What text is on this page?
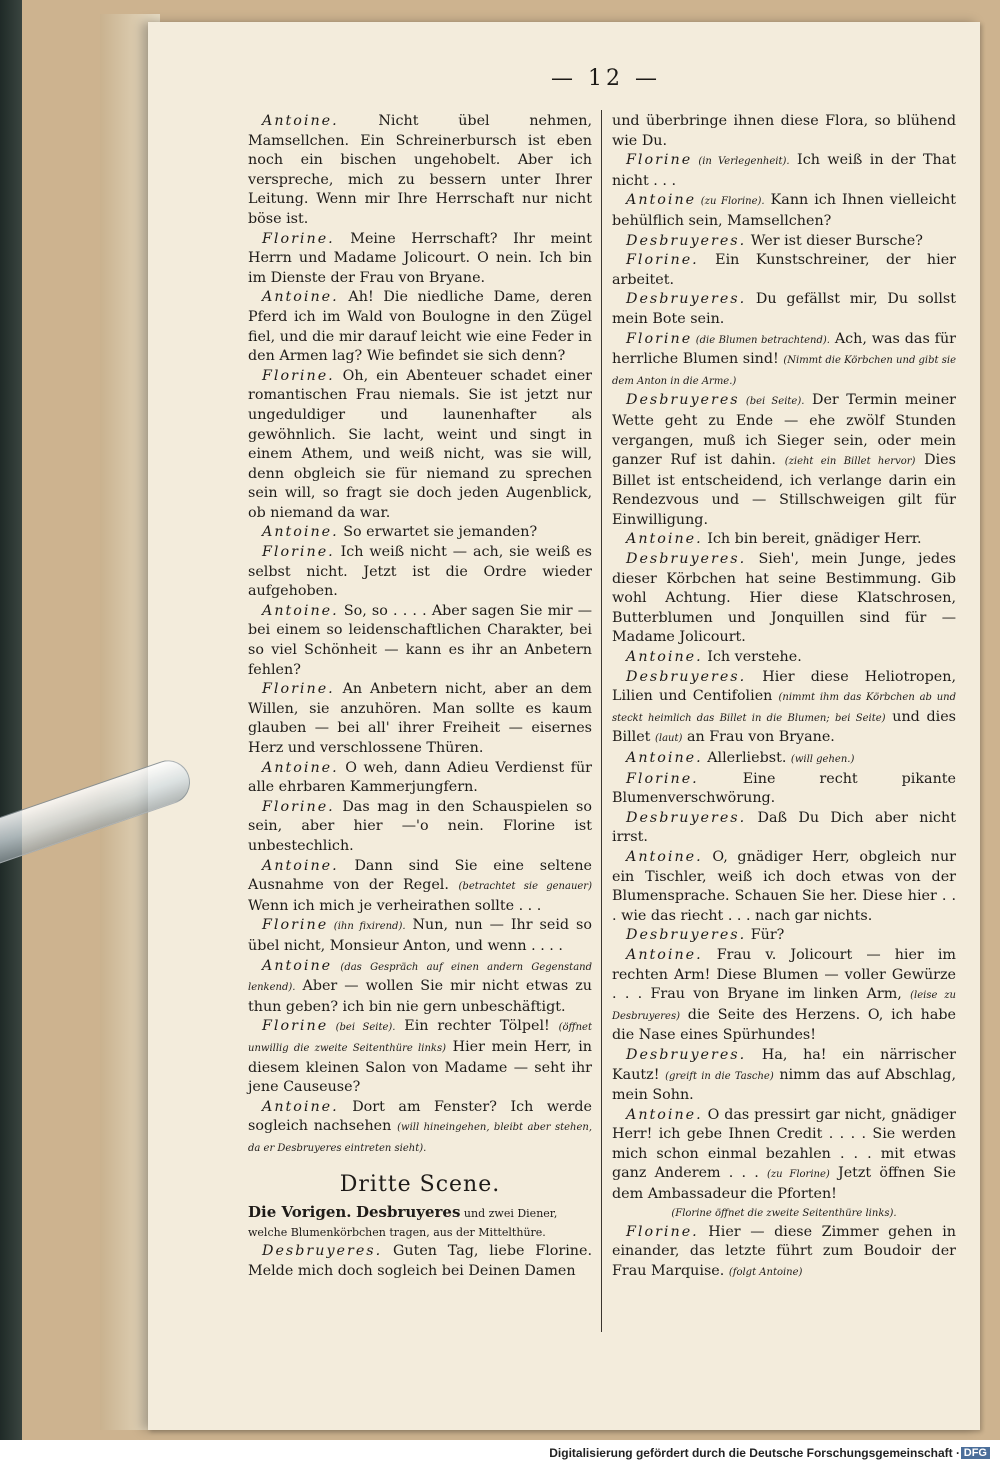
— 12 —

Antoine. Nicht übel nehmen, Mamsellchen. Ein Schreinerbursch ist eben noch ein bischen ungehobelt. Aber ich verspreche, mich zu bessern unter Ihrer Leitung. Wenn mir Ihre Herrschaft nur nicht böse ist.

Florine. Meine Herrschaft? Ihr meint Herrn und Madame Jolicourt. O nein. Ich bin im Dienste der Frau von Bryane.

Antoine. Ah! Die niedliche Dame, deren Pferd ich im Wald von Boulogne in den Zügel fiel, und die mir darauf leicht wie eine Feder in den Armen lag? Wie befindet sie sich denn?

Florine. Oh, ein Abenteuer schadet einer romantischen Frau niemals. Sie ist jetzt nur ungeduldiger und launenhafter als gewöhnlich. Sie lacht, weint und singt in einem Athem, und weiß nicht, was sie will, denn obgleich sie für niemand zu sprechen sein will, so fragt sie doch jeden Augenblick, ob niemand da war.

Antoine. So erwartet sie jemanden?

Florine. Ich weiß nicht — ach, sie weiß es selbst nicht. Jetzt ist die Ordre wieder aufgehoben.

Antoine. So, so . . . . Aber sagen Sie mir — bei einem so leidenschaftlichen Charakter, bei so viel Schönheit — kann es ihr an Anbetern fehlen?

Florine. An Anbetern nicht, aber an dem Willen, sie anzuhören. Man sollte es kaum glauben — bei all' ihrer Freiheit — eisernes Herz und verschlossene Thüren.

Antoine. O weh, dann Adieu Verdienst für alle ehrbaren Kammerjungfern.

Florine. Das mag in den Schauspielen so sein, aber hier —'o nein. Florine ist unbestechlich.

Antoine. Dann sind Sie eine seltene Ausnahme von der Regel. (betrachtet sie genauer) Wenn ich mich je verheirathen sollte . . .

Florine (ihn fixirend). Nun, nun — Ihr seid so übel nicht, Monsieur Anton, und wenn . . . .

Antoine (das Gespräch auf einen andern Gegenstand lenkend). Aber — wollen Sie mir nicht etwas zu thun geben? ich bin nie gern unbeschäftigt.

Florine (bei Seite). Ein rechter Tölpel! (öffnet unwillig die zweite Seitenthüre links) Hier mein Herr, in diesem kleinen Salon von Madame — seht ihr jene Causeuse?

Antoine. Dort am Fenster? Ich werde sogleich nachsehen (will hineingehen, bleibt aber stehen, da er Desbruyeres eintreten sieht).

Dritte Scene.

Die Vorigen. Desbruyeres und zwei Diener, welche Blumenkörbchen tragen, aus der Mittelthüre.

Desbruyeres. Guten Tag, liebe Florine. Melde mich doch sogleich bei Deinen Damen

und überbringe ihnen diese Flora, so blühend wie Du.

Florine (in Verlegenheit). Ich weiß in der That nicht . . .

Antoine (zu Florine). Kann ich Ihnen vielleicht behülflich sein, Mamsellchen?

Desbruyeres. Wer ist dieser Bursche?

Florine. Ein Kunstschreiner, der hier arbeitet.

Desbruyeres. Du gefällst mir, Du sollst mein Bote sein.

Florine (die Blumen betrachtend). Ach, was das für herrliche Blumen sind! (Nimmt die Körbchen und gibt sie dem Anton in die Arme.)

Desbruyeres (bei Seite). Der Termin meiner Wette geht zu Ende — ehe zwölf Stunden vergangen, muß ich Sieger sein, oder mein ganzer Ruf ist dahin. (zieht ein Billet hervor) Dies Billet ist entscheidend, ich verlange darin ein Rendezvous und — Stillschweigen gilt für Einwilligung.

Antoine. Ich bin bereit, gnädiger Herr.

Desbruyeres. Sieh', mein Junge, jedes dieser Körbchen hat seine Bestimmung. Gib wohl Achtung. Hier diese Klatschrosen, Butterblumen und Jonquillen sind für — Madame Jolicourt.

Antoine. Ich verstehe.

Desbruyeres. Hier diese Heliotropen, Lilien und Centifolien (nimmt ihm das Körbchen ab und steckt heimlich das Billet in die Blumen; bei Seite) und dies Billet (laut) an Frau von Bryane.

Antoine. Allerliebst. (will gehen.)

Florine. Eine recht pikante Blumenverschwörung.

Desbruyeres. Daß Du Dich aber nicht irrst.

Antoine. O, gnädiger Herr, obgleich nur ein Tischler, weiß ich doch etwas von der Blumensprache. Schauen Sie her. Diese hier . . . wie das riecht . . . nach gar nichts.

Desbruyeres. Für?

Antoine. Frau v. Jolicourt — hier im rechten Arm! Diese Blumen — voller Gewürze . . . Frau von Bryane im linken Arm, (leise zu Desbruyeres) die Seite des Herzens. O, ich habe die Nase eines Spürhundes!

Desbruyeres. Ha, ha! ein närrischer Kautz! (greift in die Tasche) nimm das auf Abschlag, mein Sohn.

Antoine. O das pressirt gar nicht, gnädiger Herr! ich gebe Ihnen Credit . . . . Sie werden mich schon einmal bezahlen . . . mit etwas ganz Anderem . . . (zu Florine) Jetzt öffnen Sie dem Ambassadeur die Pforten!

(Florine öffnet die zweite Seitenthüre links).

Florine. Hier — diese Zimmer gehen in einander, das letzte führt zum Boudoir der Frau Marquise. (folgt Antoine)

Digitalisierung gefördert durch die Deutsche Forschungsgemeinschaft · DFG
